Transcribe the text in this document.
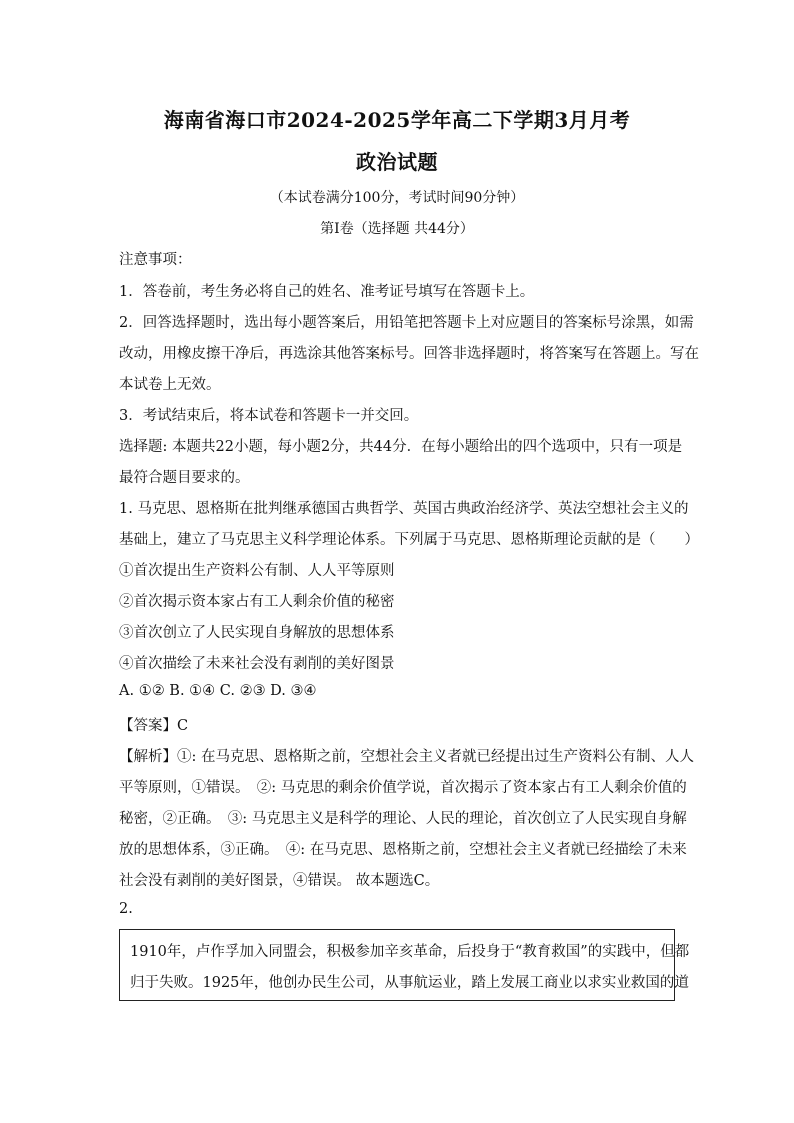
海南省海口市2024-2025学年高二下学期3月月考
政治试题
（本试卷满分100分，考试时间90分钟）
第Ⅰ卷（选择题 共44分）
注意事项：
1．答卷前，考生务必将自己的姓名、准考证号填写在答题卡上。
2．回答选择题时，选出每小题答案后，用铅笔把答题卡上对应题目的答案标号涂黑，如需
改动，用橡皮擦干净后，再选涂其他答案标号。回答非选择题时，将答案写在答题上。写在
本试卷上无效。
3．考试结束后，将本试卷和答题卡一并交回。
选择题: 本题共22小题，每小题2分，共44分．在每小题给出的四个选项中，只有一项是
最符合题目要求的。
1. 马克思、恩格斯在批判继承德国古典哲学、英国古典政治经济学、英法空想社会主义的
基础上，建立了马克思主义科学理论体系。下列属于马克思、恩格斯理论贡献的是（　　）
①首次提出生产资料公有制、人人平等原则
②首次揭示资本家占有工人剩余价值的秘密
③首次创立了人民实现自身解放的思想体系
④首次描绘了未来社会没有剥削的美好图景
A. ①② B. ①④ C. ②③ D. ③④
【答案】C
【解析】①: 在马克思、恩格斯之前，空想社会主义者就已经提出过生产资料公有制、人人
平等原则，①错误。　②: 马克思的剩余价值学说，首次揭示了资本家占有工人剩余价值的
秘密，②正确。　③: 马克思主义是科学的理论、人民的理论，首次创立了人民实现自身解
放的思想体系，③正确。　④: 在马克思、恩格斯之前，空想社会主义者就已经描绘了未来
社会没有剥削的美好图景，④错误。 故本题选C。
2.
1910年，卢作孚加入同盟会，积极参加辛亥革命，后投身于“教育救国”的实践中，但都
归于失败。1925年，他创办民生公司，从事航运业，踏上发展工商业以求实业救国的道
